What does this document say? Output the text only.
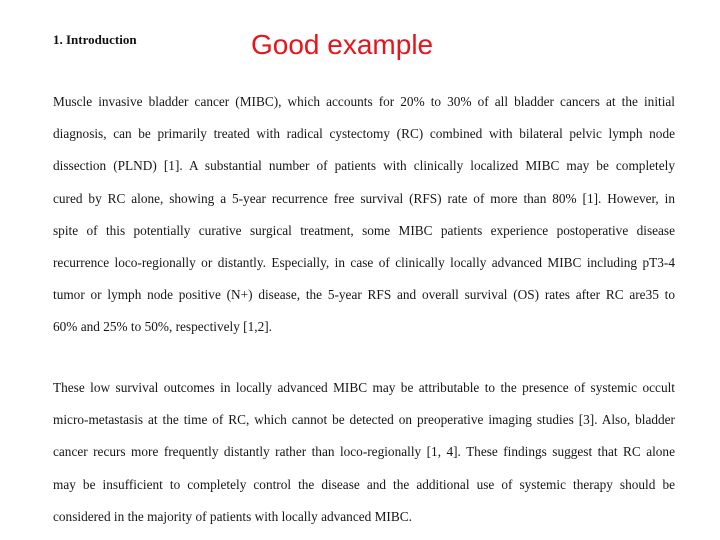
1. Introduction	Good example
Muscle invasive bladder cancer (MIBC), which accounts for 20% to 30% of all bladder cancers at the initial
diagnosis, can be primarily treated with radical cystectomy (RC) combined with bilateral pelvic lymph node
dissection (PLND) [1]. A substantial number of patients with clinically localized MIBC may be completely
cured by RC alone, showing a 5-year recurrence free survival (RFS) rate of more than 80% [1]. However, in
spite of this potentially curative surgical treatment, some MIBC patients experience postoperative disease
recurrence loco-regionally or distantly. Especially, in case of clinically locally advanced MIBC including pT3-4
tumor or lymph node positive (N+) disease, the 5-year RFS and overall survival (OS) rates after RC are35 to
60% and 25% to 50%, respectively [1,2].
These low survival outcomes in locally advanced MIBC may be attributable to the presence of systemic occult
micro-metastasis at the time of RC, which cannot be detected on preoperative imaging studies [3]. Also, bladder
cancer recurs more frequently distantly rather than loco-regionally [1, 4]. These findings suggest that RC alone
may be insufficient to completely control the disease and the additional use of systemic therapy should be
considered in the majority of patients with locally advanced MIBC.
